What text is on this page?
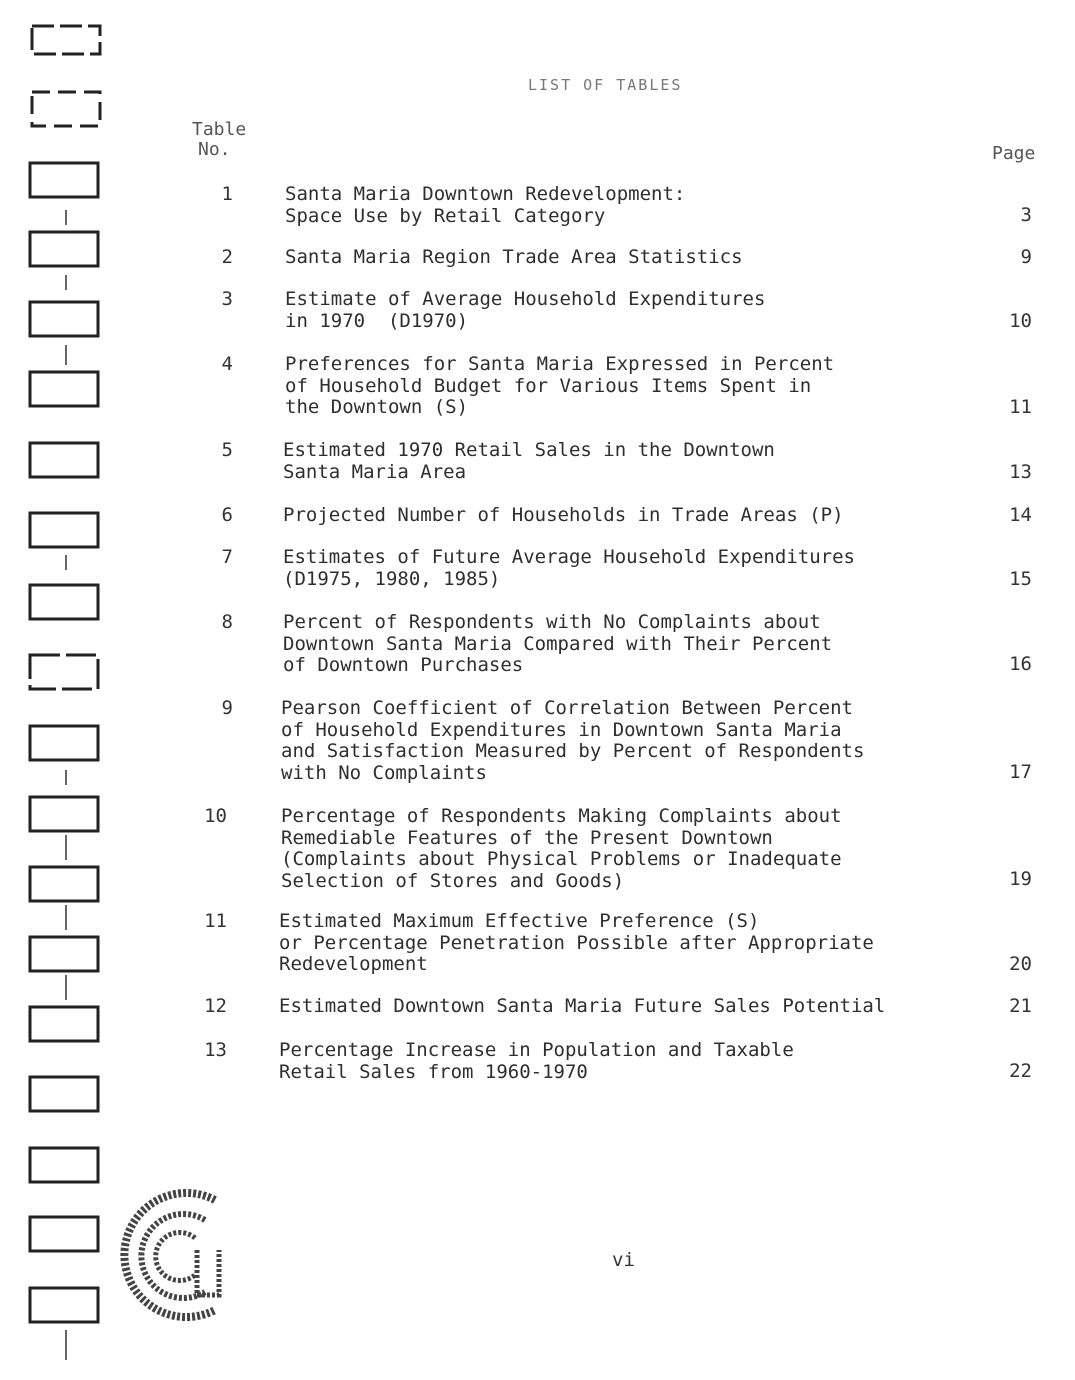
LIST OF TABLES
Table
No.	Page
1	Santa Maria Downtown Redevelopment:
Space Use by Retail Category	3
2	Santa Maria Region Trade Area Statistics	9
3	Estimate of Average Household Expenditures
in 1970  (D1970)	10
4	Preferences for Santa Maria Expressed in Percent
of Household Budget for Various Items Spent in
the Downtown (S)	11
5	Estimated 1970 Retail Sales in the Downtown
Santa Maria Area	13
6	Projected Number of Households in Trade Areas (P)	14
7	Estimates of Future Average Household Expenditures
(D1975, 1980, 1985)	15
8	Percent of Respondents with No Complaints about
Downtown Santa Maria Compared with Their Percent
of Downtown Purchases	16
9	Pearson Coefficient of Correlation Between Percent
of Household Expenditures in Downtown Santa Maria
and Satisfaction Measured by Percent of Respondents
with No Complaints	17
10	Percentage of Respondents Making Complaints about
Remediable Features of the Present Downtown
(Complaints about Physical Problems or Inadequate
Selection of Stores and Goods)	19
11	Estimated Maximum Effective Preference (S)
or Percentage Penetration Possible after Appropriate
Redevelopment	20
12	Estimated Downtown Santa Maria Future Sales Potential	21
13	Percentage Increase in Population and Taxable
Retail Sales from 1960-1970	22
vi
